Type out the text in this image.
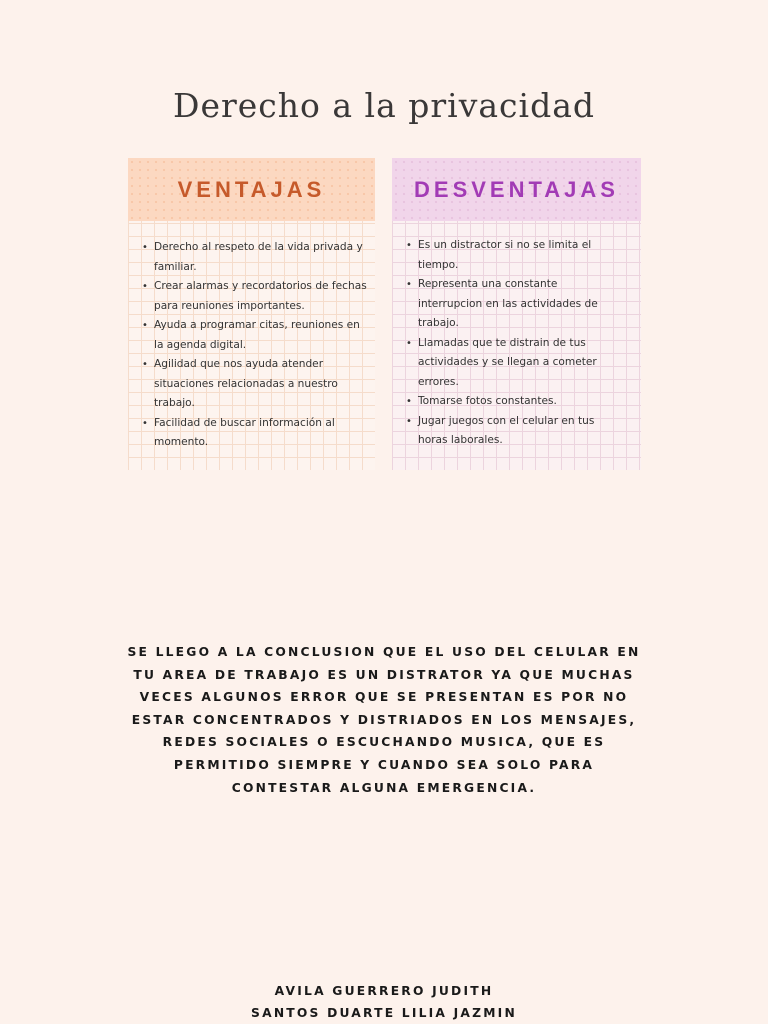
Derecho a la privacidad
VENTAJAS
• Derecho al respeto de la vida privada y familiar.
• Crear alarmas y recordatorios de fechas para reuniones importantes.
• Ayuda a programar citas, reuniones en la agenda digital.
• Agilidad que nos ayuda atender situaciones relacionadas a nuestro trabajo.
• Facilidad de buscar información al momento.
DESVENTAJAS
• Es un distractor si no se limita el tiempo.
• Representa una constante interrupcion en las actividades de trabajo.
• Llamadas que te distrain de tus actividades y se llegan a cometer errores.
• Tomarse fotos constantes.
• Jugar juegos con el celular en tus horas laborales.

SE LLEGO A LA CONCLUSION QUE EL USO DEL CELULAR EN TU AREA DE TRABAJO ES UN DISTRATOR YA QUE MUCHAS VECES ALGUNOS ERROR QUE SE PRESENTAN ES POR NO ESTAR CONCENTRADOS Y DISTRIADOS EN LOS MENSAJES, REDES SOCIALES O ESCUCHANDO MUSICA, QUE ES PERMITIDO SIEMPRE Y CUANDO SEA SOLO PARA CONTESTAR ALGUNA EMERGENCIA.

AVILA GUERRERO JUDITH
SANTOS DUARTE LILIA JAZMIN
